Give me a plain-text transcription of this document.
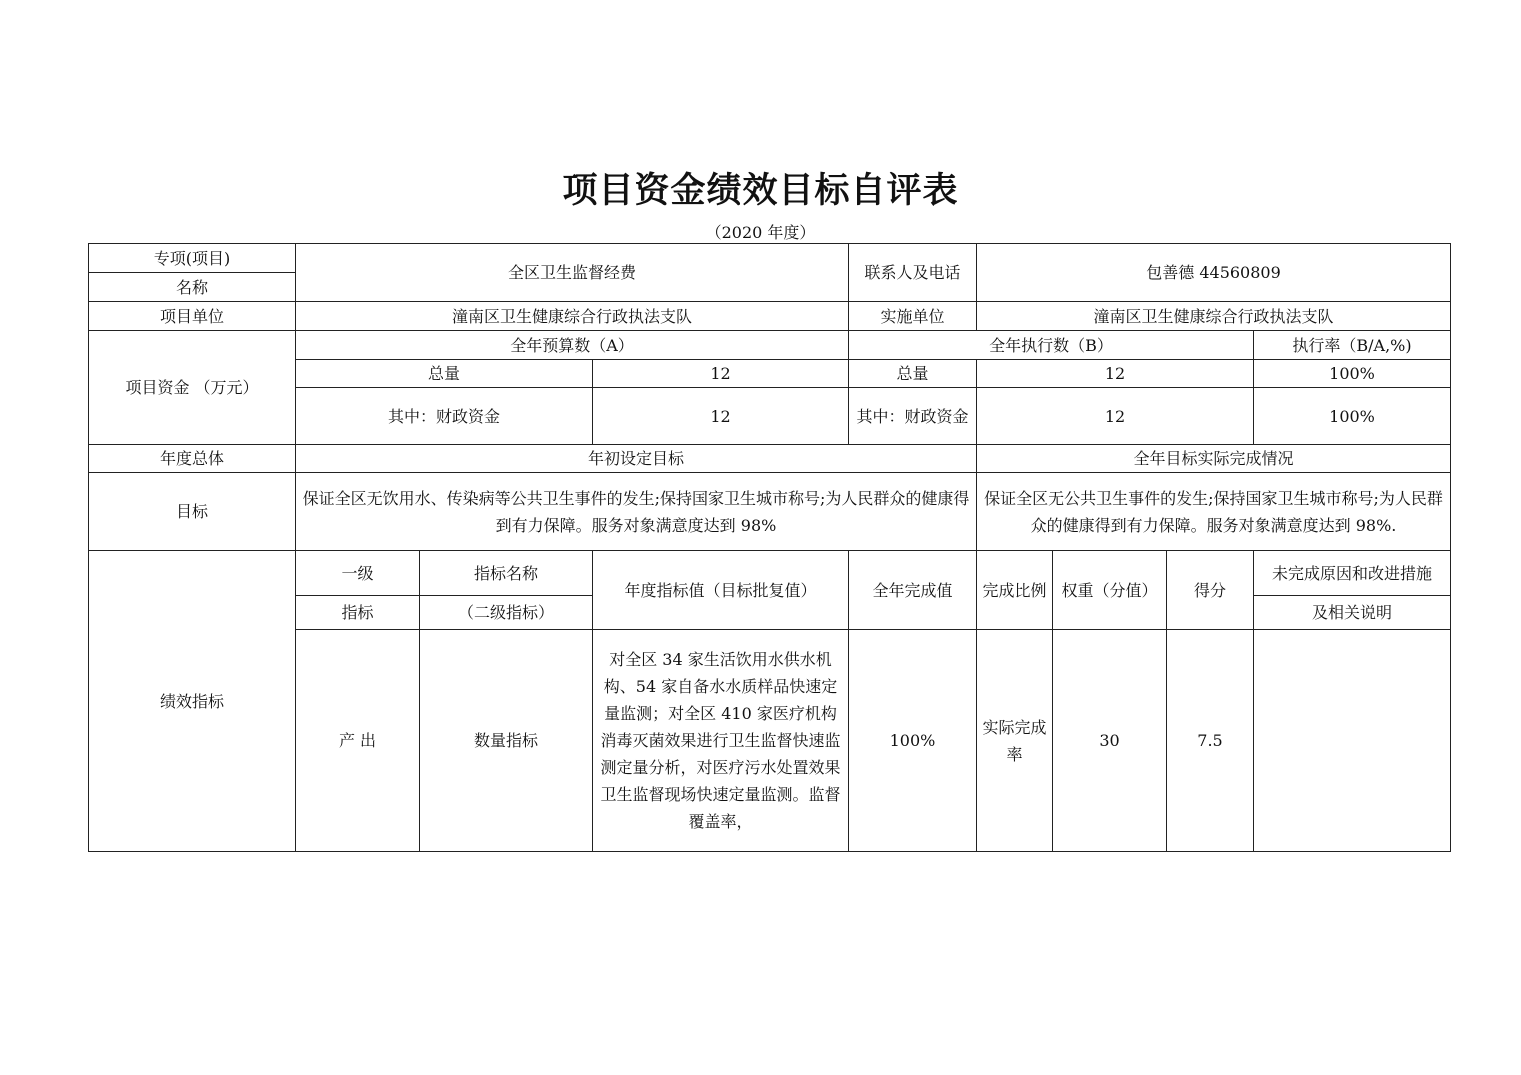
项目资金绩效目标自评表
（2020 年度）
专项(项目)	全区卫生监督经费			联系人及电话	包善德 44560809			
名称								
项目单位	潼南区卫生健康综合行政执法支队			实施单位	潼南区卫生健康综合行政执法支队			
项目资金 （万元）	全年预算数（A）			全年执行数（B）				执行率（B/A,%)
	总量		12	总量	12			100%
	其中：财政资金		12	其中：财政资金	12			100%
年度总体	年初设定目标				全年目标实际完成情况			
目标	保证全区无饮用水、传染病等公共卫生事件的发生;保持国家卫生城市称号;为人民群众的健康得到有力保障。服务对象满意度达到 98%				保证全区无公共卫生事件的发生;保持国家卫生城市称号;为人民群众的健康得到有力保障。服务对象满意度达到 98%.			
绩效指标	一级	指标名称	年度指标值（目标批复值）	全年完成值	完成比例	权重（分值）	得分	未完成原因和改进措施
	指标	（二级指标）						及相关说明
	产 出	数量指标	对全区 34 家生活饮用水供水机构、54 家自备水水质样品快速定量监测；对全区 410 家医疗机构消毒灭菌效果进行卫生监督快速监测定量分析，对医疗污水处置效果卫生监督现场快速定量监测。监督覆盖率，	100%	实际完成率	30	7.5	
